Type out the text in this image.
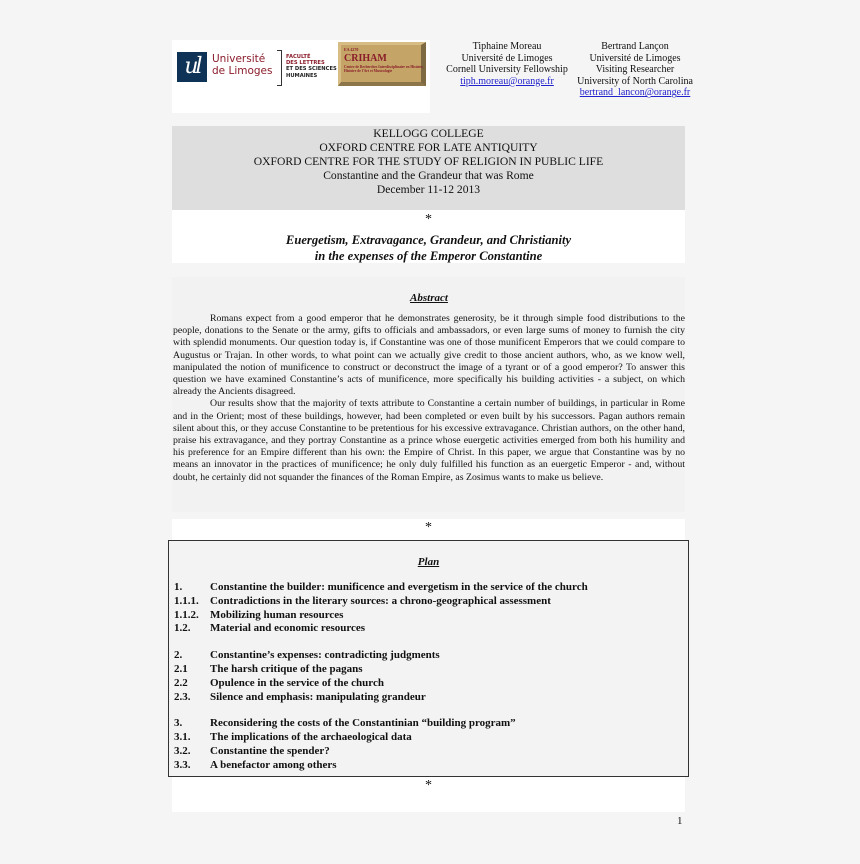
ul	Université
de Limoges
FACULTÉ
DES LETTRES
ET DES SCIENCES
HUMAINES
EA 4270
CRIHAM
Centre de Recherches Interdisciplinaire en Histoire, Histoire de l'Art et Musicologie
Tiphaine Moreau
Université de Limoges
Cornell University Fellowship
tiph.moreau@orange.fr
Bertrand Lançon
Université de Limoges
Visiting Researcher
University of North Carolina
bertrand_lancon@orange.fr
KELLOGG COLLEGE
OXFORD CENTRE FOR LATE ANTIQUITY
OXFORD CENTRE FOR THE STUDY OF RELIGION IN PUBLIC LIFE
Constantine and the Grandeur that was Rome
December 11-12 2013
*
Euergetism, Extravagance, Grandeur, and Christianity
in the expenses of the Emperor Constantine
Abstract

Romans expect from a good emperor that he demonstrates generosity, be it through simple food distributions to the people, donations to the Senate or the army, gifts to officials and ambassadors, or even large sums of money to furnish the city with splendid monuments. Our question today is, if Constantine was one of those munificent Emperors that we could compare to Augustus or Trajan. In other words, to what point can we actually give credit to those ancient authors, who, as we know well, manipulated the notion of munificence to construct or deconstruct the image of a tyrant or of a good emperor? To answer this question we have examined Constantine’s acts of munificence, more specifically his building activities - a subject, on which already the Ancients disagreed.

Our results show that the majority of texts attribute to Constantine a certain number of buildings, in particular in Rome and in the Orient; most of these buildings, however, had been completed or even built by his successors. Pagan authors remain silent about this, or they accuse Constantine to be pretentious for his excessive extravagance. Christian authors, on the other hand, praise his extravagance, and they portray Constantine as a prince whose euergetic activities emerged from both his humility and his preference for an Empire different than his own: the Empire of Christ. In this paper, we argue that Constantine was by no means an innovator in the practices of munificence; he only duly fulfilled his function as an euergetic Emperor - and, without doubt, he certainly did not squander the finances of the Roman Empire, as Zosimus wants to make us believe.

*
Plan
1.	Constantine the builder: munificence and evergetism in the service of the church
1.1.1.	Contradictions in the literary sources: a chrono-geographical assessment
1.1.2.	Mobilizing human resources
1.2.	Material and economic resources
2.	Constantine’s expenses: contradicting judgments
2.1	The harsh critique of the pagans
2.2	Opulence in the service of the church
2.3.	Silence and emphasis: manipulating grandeur
3.	Reconsidering the costs of the Constantinian “building program”
3.1.	The implications of the archaeological data
3.2.	Constantine the spender?
3.3.	A benefactor among others
*
1
